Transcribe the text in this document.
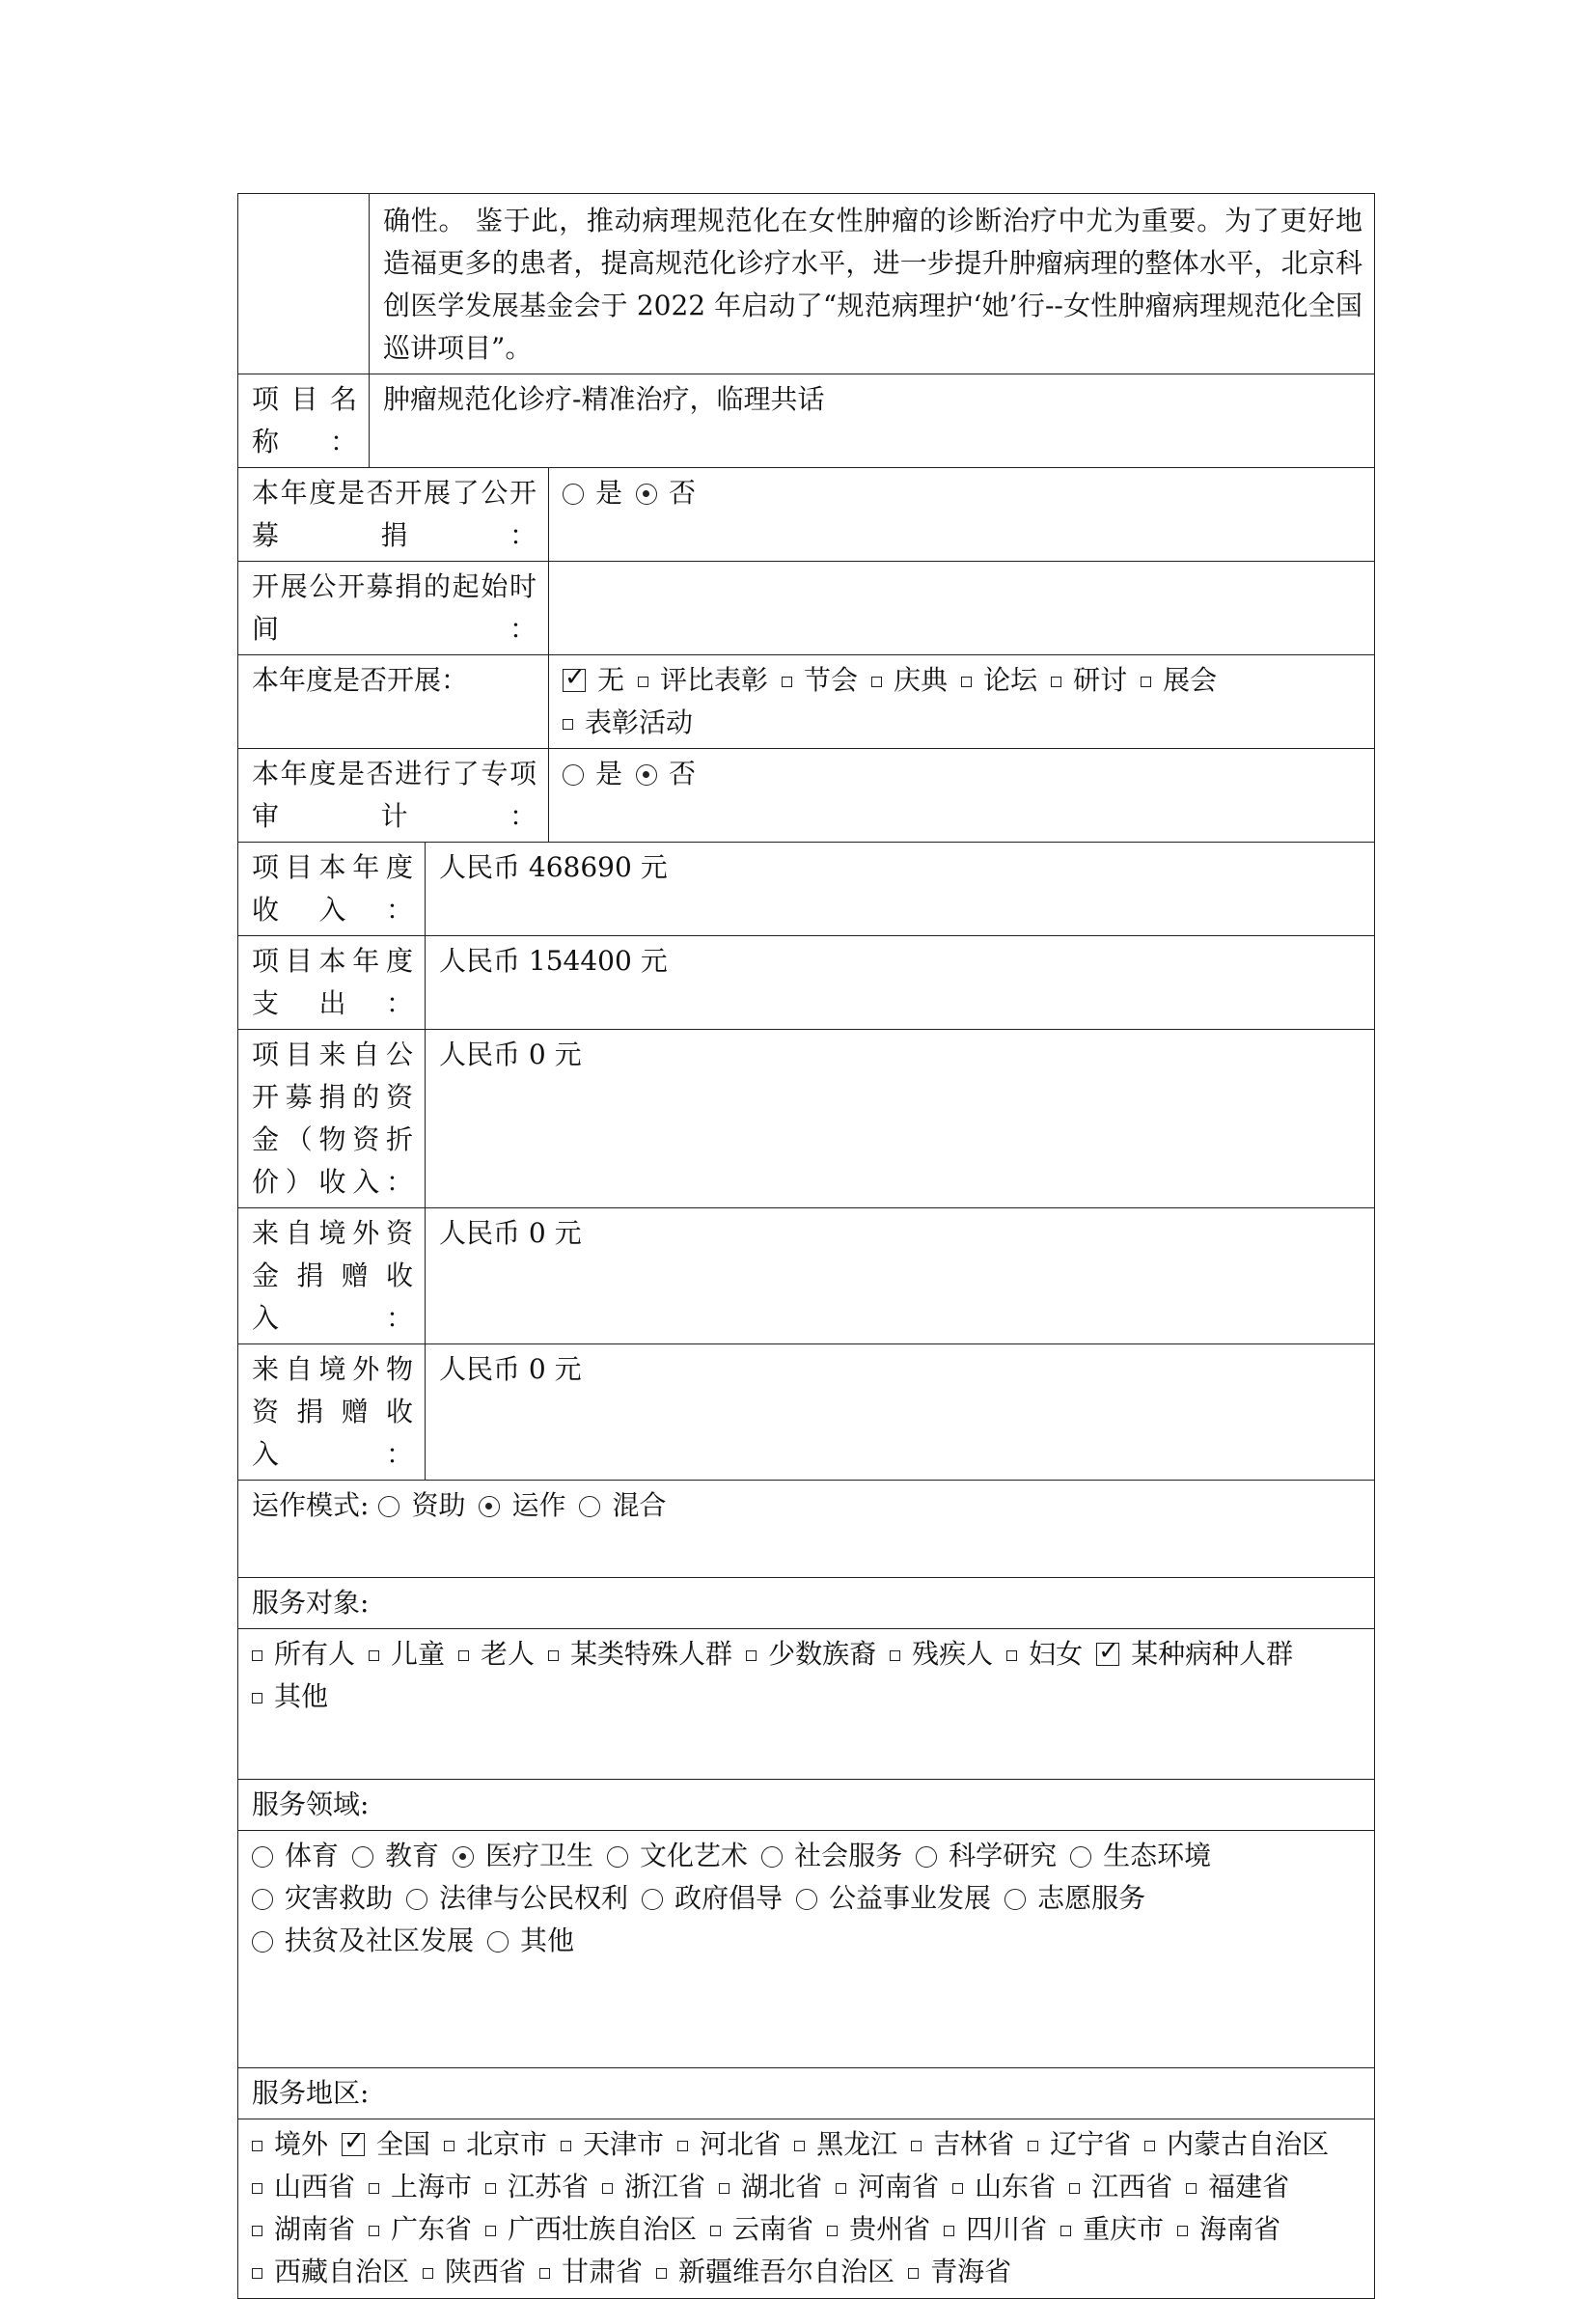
	确性。 鉴于此，推动病理规范化在女性肿瘤的诊断治疗中尤为重要。为了更好地造福更多的患者，提高规范化诊疗水平，进一步提升肿瘤病理的整体水平，北京科创医学发展基金会于 2022 年启动了“规范病理护‘她’行--女性肿瘤病理规范化全国巡讲项目”。		
项 目 名 称 ：	肿瘤规范化诊疗-精准治疗，临理共话		
本年度是否开展了公开募捐：			是 否
开展公开募捐的起始时间：			
本年度是否开展：	✓无 评比表彰 节会 庆典 论坛 研讨 展会表彰活动
本年度是否进行了专项审计：			是 否
项目本年度收入：		人民币 468690 元	
项目本年度支出：		人民币 154400 元	
项目来自公开募捐的资金（物资折价）收入：		人民币 0 元	
来自境外资金捐赠收入：		人民币 0 元	
来自境外物资捐赠收入：		人民币 0 元	
运作模式: 资助 运作 混合			
服务对象:			
所有人 儿童 老人 某类特殊人群 少数族裔 残疾人 妇女 ✓ 某种病种人群其他
服务领域:			
体育 教育 医疗卫生 文化艺术 社会服务 科学研究 生态环境灾害救助 法律与公民权利 政府倡导 公益事业发展 志愿服务扶贫及社区发展 其他			
服务地区:			
境外 ✓ 全国 北京市 天津市 河北省 黑龙江 吉林省 辽宁省 内蒙古自治区山西省 上海市 江苏省 浙江省 湖北省 河南省 山东省 江西省 福建省湖南省 广东省 广西壮族自治区 云南省 贵州省 四川省 重庆市 海南省西藏自治区 陕西省 甘肃省 新疆维吾尔自治区 青海省
